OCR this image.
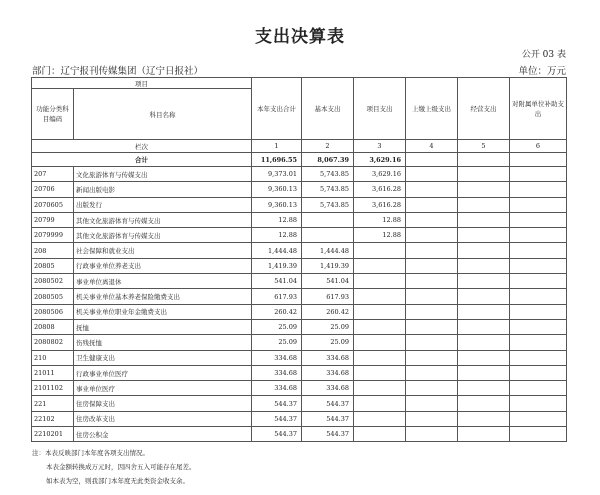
支出决算表
公开 03 表
部门：辽宁报刊传媒集团（辽宁日报社）	单位：万元
项目		本年支出合计	基本支出	项目支出	上缴上级支出	经营支出	对附属单位补助支出
功能分类科目编码	科目名称						
栏次		1	2	3	4	5	6
合计		11,696.55	8,067.39	3,629.16			
207	文化旅游体育与传媒支出	9,373.01	5,743.85	3,629.16			
20706	新闻出版电影	9,360.13	5,743.85	3,616.28			
2070605	出版发行	9,360.13	5,743.85	3,616.28			
20799	其他文化旅游体育与传媒支出	12.88		12.88			
2079999	其他文化旅游体育与传媒支出	12.88		12.88			
208	社会保障和就业支出	1,444.48	1,444.48				
20805	行政事业单位养老支出	1,419.39	1,419.39				
2080502	事业单位离退休	541.04	541.04				
2080505	机关事业单位基本养老保险缴费支出	617.93	617.93				
2080506	机关事业单位职业年金缴费支出	260.42	260.42				
20808	抚恤	25.09	25.09				
2080802	伤残抚恤	25.09	25.09				
210	卫生健康支出	334.68	334.68				
21011	行政事业单位医疗	334.68	334.68				
2101102	事业单位医疗	334.68	334.68				
221	住房保障支出	544.37	544.37				
22102	住房改革支出	544.37	544.37				
2210201	住房公积金	544.37	544.37				
注：本表反映部门本年度各项支出情况。
本表金额转换成万元时，因四舍五入可能存在尾差。
如本表为空，则我部门本年度无此类资金收支余。
